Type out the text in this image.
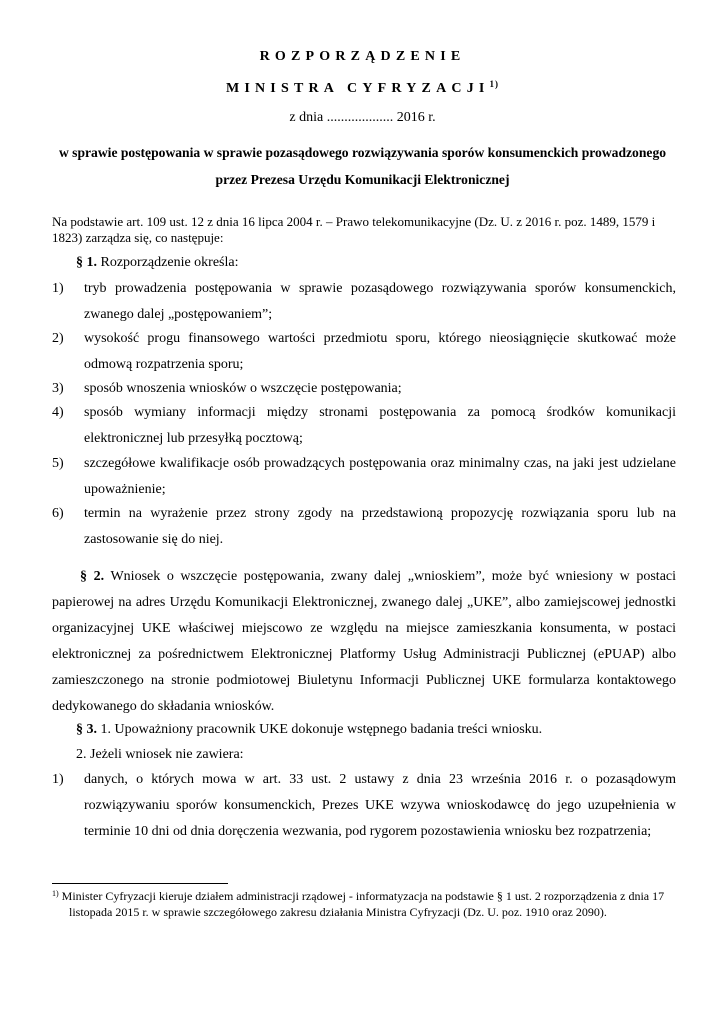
ROZPORZĄDZENIE
MINISTRA CYFRYZACJI$^{1)}$
z dnia ................... 2016 r.
w sprawie postępowania w sprawie pozasądowego rozwiązywania sporów konsumenckich prowadzonego przez Prezesa Urzędu Komunikacji Elektronicznej
Na podstawie art. 109 ust. 12 z dnia 16 lipca 2004 r. – Prawo telekomunikacyjne (Dz. U. z 2016 r. poz. 1489, 1579 i 1823) zarządza się, co następuje:
§ 1. Rozporządzenie określa:
1) tryb prowadzenia postępowania w sprawie pozasądowego rozwiązywania sporów konsumenckich, zwanego dalej „postępowaniem”;
2) wysokość progu finansowego wartości przedmiotu sporu, którego nieosiągnięcie skutkować może odmową rozpatrzenia sporu;
3) sposób wnoszenia wniosków o wszczęcie postępowania;
4) sposób wymiany informacji między stronami postępowania za pomocą środków komunikacji elektronicznej lub przesyłką pocztową;
5) szczegółowe kwalifikacje osób prowadzących postępowania oraz minimalny czas, na jaki jest udzielane upoważnienie;
6) termin na wyrażenie przez strony zgody na przedstawioną propozycję rozwiązania sporu lub na zastosowanie się do niej.
§ 2. Wniosek o wszczęcie postępowania, zwany dalej „wnioskiem”, może być wniesiony w postaci papierowej na adres Urzędu Komunikacji Elektronicznej, zwanego dalej „UKE”, albo zamiejscowej jednostki organizacyjnej UKE właściwej miejscowo ze względu na miejsce zamieszkania konsumenta, w postaci elektronicznej za pośrednictwem Elektronicznej Platformy Usług Administracji Publicznej (ePUAP) albo zamieszczonego na stronie podmiotowej Biuletynu Informacji Publicznej UKE formularza kontaktowego dedykowanego do składania wniosków.
§ 3. 1. Upoważniony pracownik UKE dokonuje wstępnego badania treści wniosku.
2. Jeżeli wniosek nie zawiera:
1) danych, o których mowa w art. 33 ust. 2 ustawy z dnia 23 września 2016 r. o pozasądowym rozwiązywaniu sporów konsumenckich, Prezes UKE wzywa wnioskodawcę do jego uzupełnienia w terminie 10 dni od dnia doręczenia wezwania, pod rygorem pozostawienia wniosku bez rozpatrzenia;
$^{1)}$ Minister Cyfryzacji kieruje działem administracji rządowej - informatyzacja na podstawie § 1 ust. 2 rozporządzenia z dnia 17 listopada 2015 r. w sprawie szczegółowego zakresu działania Ministra Cyfryzacji (Dz. U. poz. 1910 oraz 2090).
